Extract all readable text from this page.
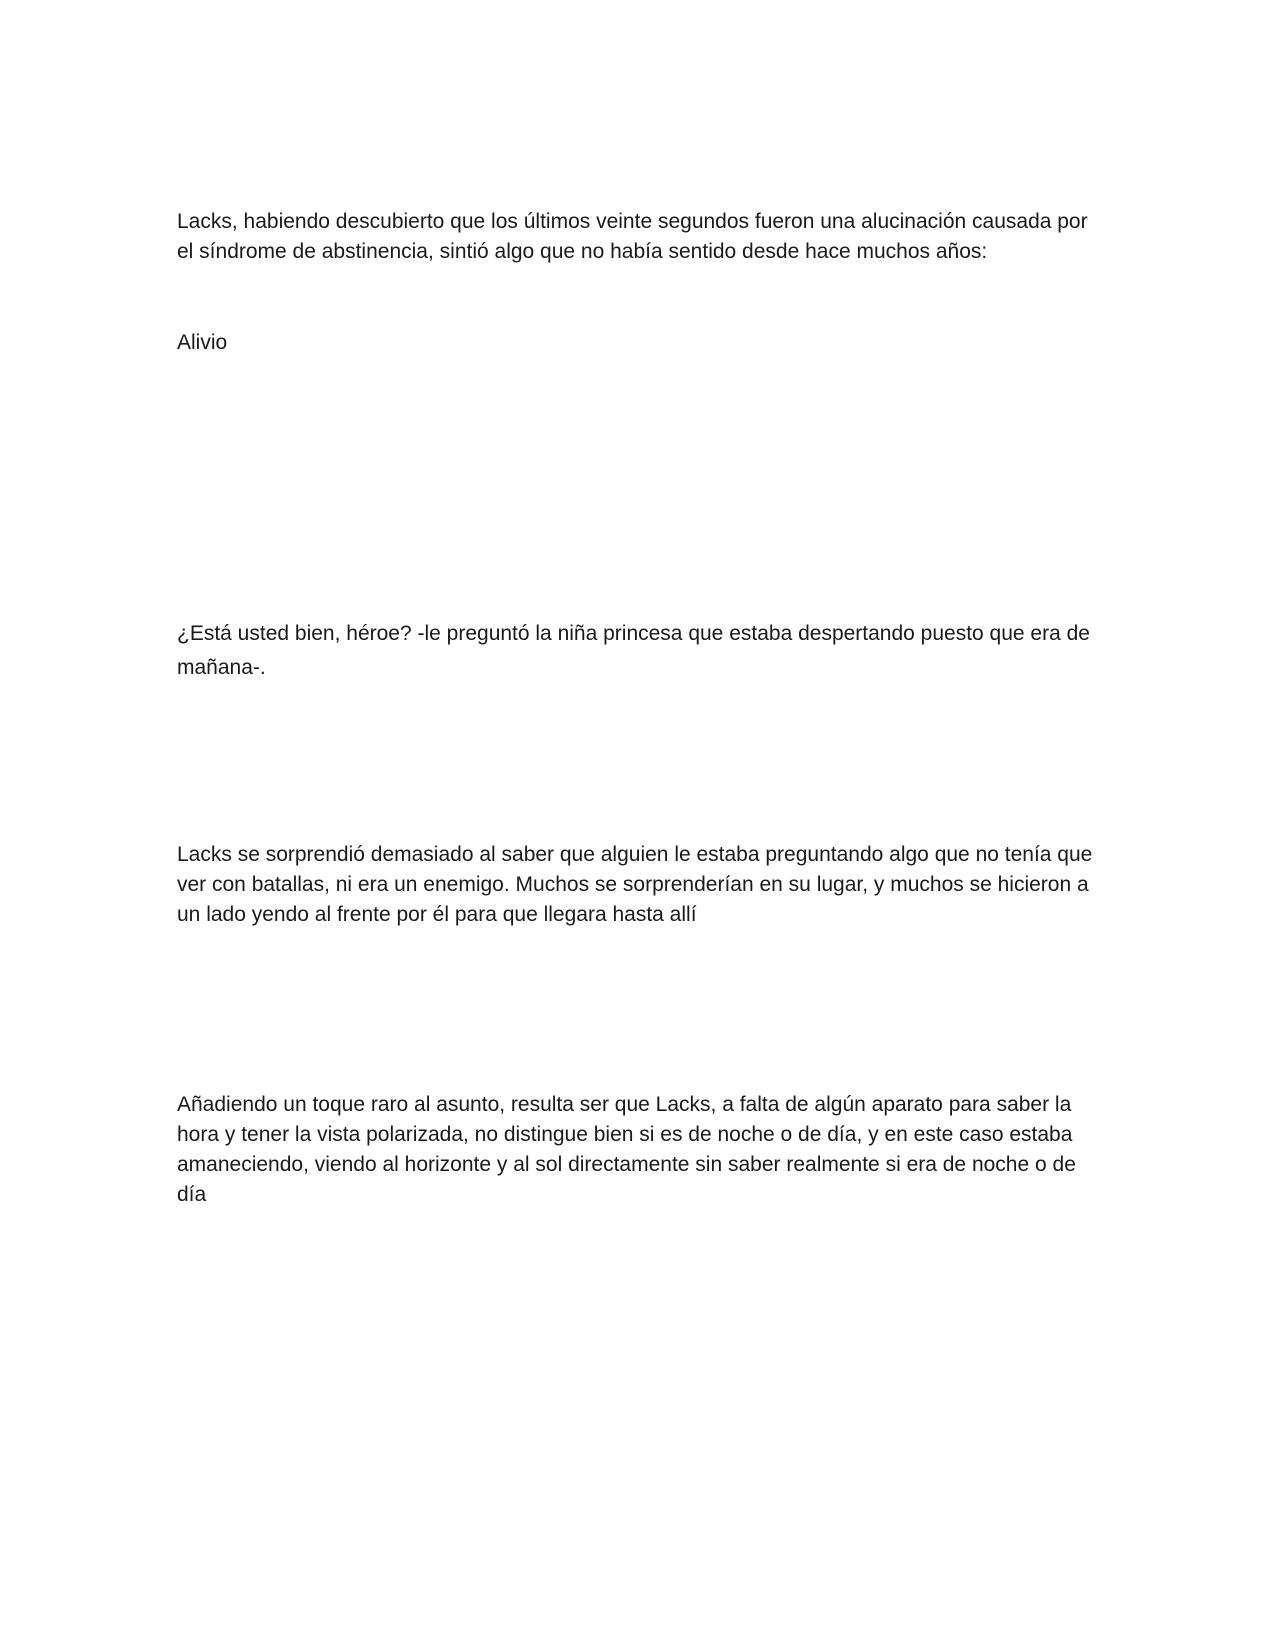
Lacks, habiendo descubierto que los últimos veinte segundos fueron una alucinación causada por el síndrome de abstinencia, sintió algo que no había sentido desde hace muchos años:

Alivio

¿Está usted bien, héroe? -le preguntó la niña princesa que estaba despertando puesto que era de mañana-.

Lacks se sorprendió demasiado al saber que alguien le estaba preguntando algo que no tenía que ver con batallas, ni era un enemigo. Muchos se sorprenderían en su lugar, y muchos se hicieron a un lado yendo al frente por él para que llegara hasta allí

Añadiendo un toque raro al asunto, resulta ser que Lacks, a falta de algún aparato para saber la hora y tener la vista polarizada, no distingue bien si es de noche o de día, y en este caso estaba amaneciendo, viendo al horizonte y al sol directamente sin saber realmente si era de noche o de día
